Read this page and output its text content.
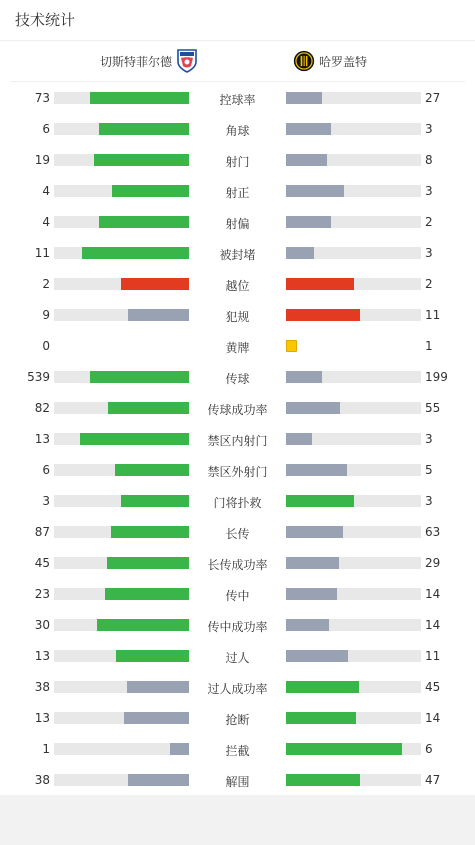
技术统计
切斯特菲尔德	哈罗盖特
73	控球率	27
6	角球	3
19	射门	8
4	射正	3
4	射偏	2
11	被封堵	3
2	越位	2
9	犯规	11
0	黄牌	1
539	传球	199
82	传球成功率	55
13	禁区内射门	3
6	禁区外射门	5
3	门将扑救	3
87	长传	63
45	长传成功率	29
23	传中	14
30	传中成功率	14
13	过人	11
38	过人成功率	45
13	抢断	14
1	拦截	6
38	解围	47
